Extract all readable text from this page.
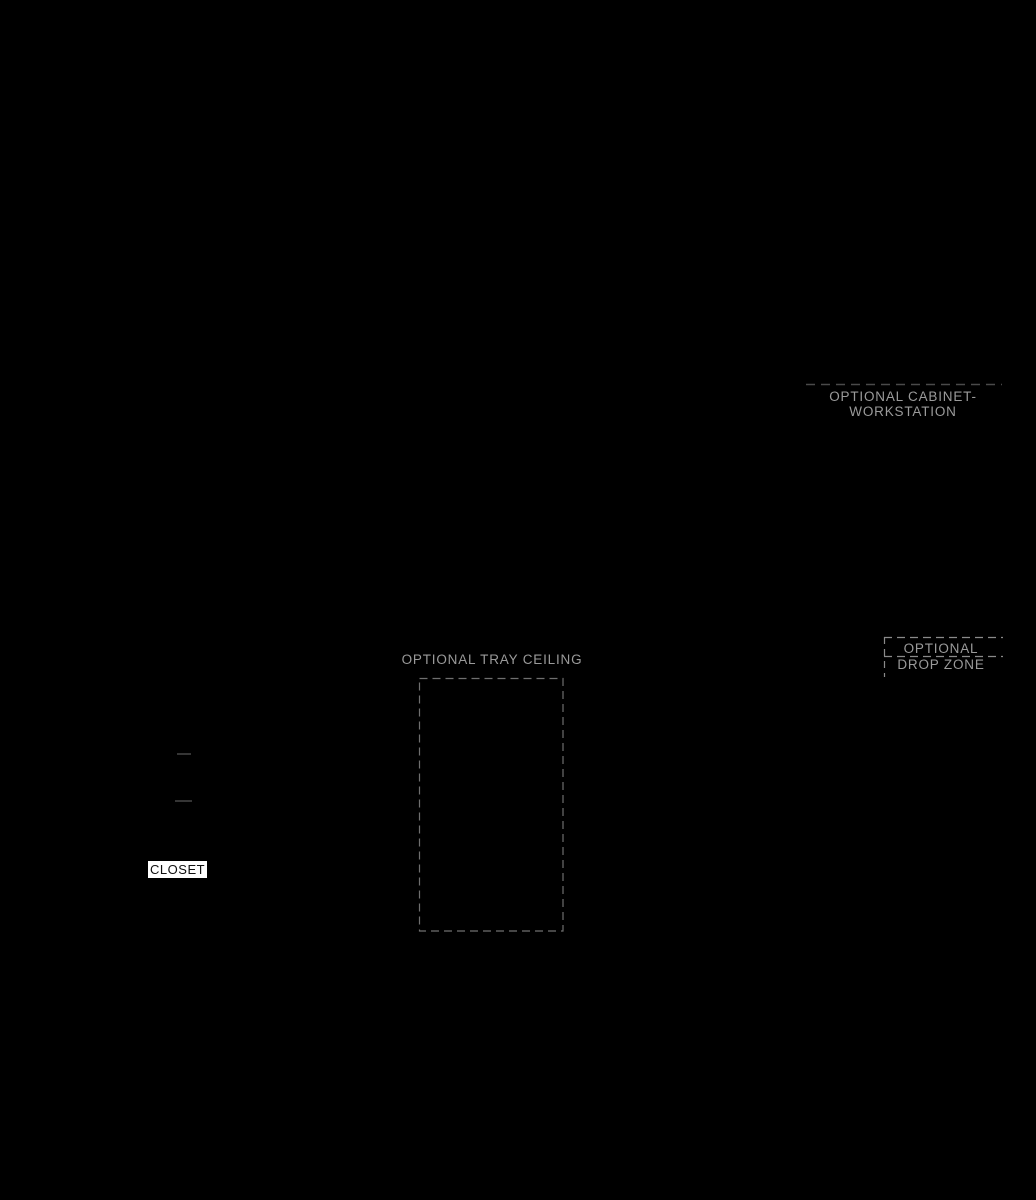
OPTIONAL CABINET-
WORKSTATION
OPTIONAL TRAY CEILING
OPTIONAL
DROP ZONE
CLOSET
